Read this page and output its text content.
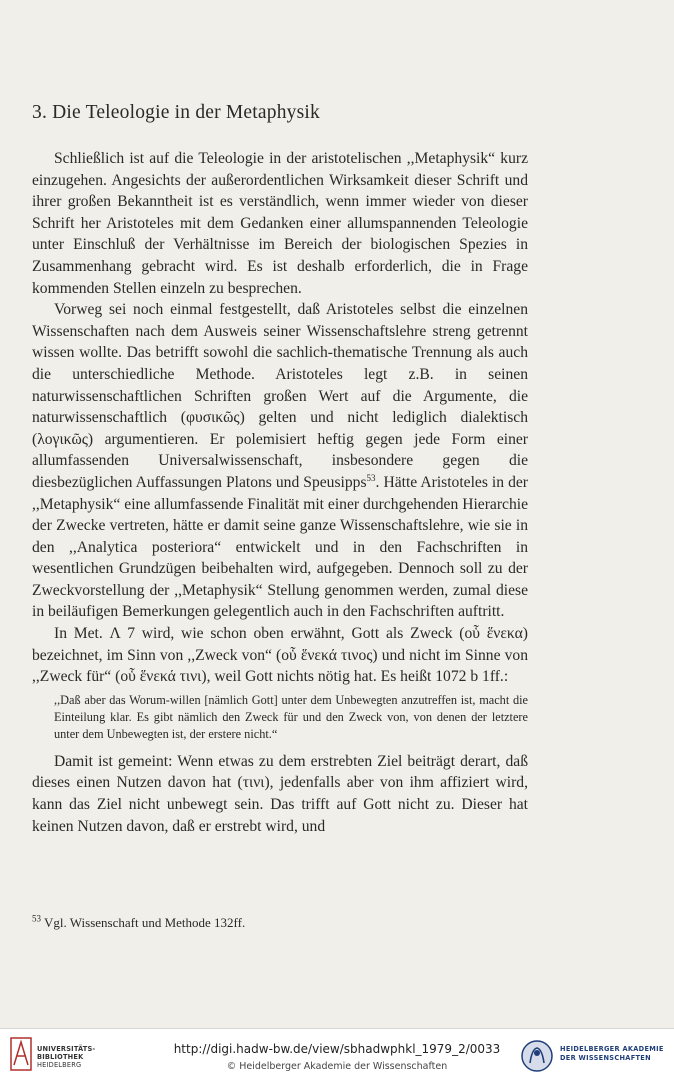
3. Die Teleologie in der Metaphysik

Schließlich ist auf die Teleologie in der aristotelischen ,,Metaphysik“ kurz einzugehen. Angesichts der außerordentlichen Wirksamkeit dieser Schrift und ihrer großen Bekanntheit ist es verständlich, wenn immer wieder von dieser Schrift her Aristoteles mit dem Gedanken einer allumspannenden Teleologie unter Einschluß der Verhältnisse im Bereich der biologischen Spezies in Zusammenhang gebracht wird. Es ist deshalb erforderlich, die in Frage kommenden Stellen einzeln zu besprechen.

Vorweg sei noch einmal festgestellt, daß Aristoteles selbst die einzelnen Wissenschaften nach dem Ausweis seiner Wissenschaftslehre streng getrennt wissen wollte. Das betrifft sowohl die sachlich-thematische Trennung als auch die unterschiedliche Methode. Aristoteles legt z.B. in seinen naturwissenschaftlichen Schriften großen Wert auf die Argumente, die naturwissenschaftlich (φυσικῶς) gelten und nicht lediglich dialektisch (λογικῶς) argumentieren. Er polemisiert heftig gegen jede Form einer allumfassenden Universalwissenschaft, insbesondere gegen die diesbezüglichen Auffassungen Platons und Speusipps$^{53}$. Hätte Aristoteles in der ,,Metaphysik“ eine allumfassende Finalität mit einer durchgehenden Hierarchie der Zwecke vertreten, hätte er damit seine ganze Wissenschaftslehre, wie sie in den ,,Analytica posteriora“ entwickelt und in den Fachschriften in wesentlichen Grundzügen beibehalten wird, aufgegeben. Dennoch soll zu der Zweckvorstellung der ,,Metaphysik“ Stellung genommen werden, zumal diese in beiläufigen Bemerkungen gelegentlich auch in den Fachschriften auftritt.

In Met. Λ 7 wird, wie schon oben erwähnt, Gott als Zweck (οὗ ἕνεκα) bezeichnet, im Sinn von ,,Zweck von“ (οὗ ἕνεκά τινος) und nicht im Sinne von ,,Zweck für“ (οὗ ἕνεκά τινι), weil Gott nichts nötig hat. Es heißt 1072 b 1ff.:

,,Daß aber das Worum-willen [nämlich Gott] unter dem Unbewegten anzutreffen ist, macht die Einteilung klar. Es gibt nämlich den Zweck für und den Zweck von, von denen der letztere unter dem Unbewegten ist, der erstere nicht.“

Damit ist gemeint: Wenn etwas zu dem erstrebten Ziel beiträgt derart, daß dieses einen Nutzen davon hat (τινι), jedenfalls aber von ihm affiziert wird, kann das Ziel nicht unbewegt sein. Das trifft auf Gott nicht zu. Dieser hat keinen Nutzen davon, daß er erstrebt wird, und

$^{53}$ Vgl. Wissenschaft und Methode 132ff.
UNIVERSITÄTS-
BIBLIOTHEK
HEIDELBERG
http://digi.hadw-bw.de/view/sbhadwphkl_1979_2/0033
© Heidelberger Akademie der Wissenschaften
HEIDELBERGER AKADEMIE
DER WISSENSCHAFTEN
